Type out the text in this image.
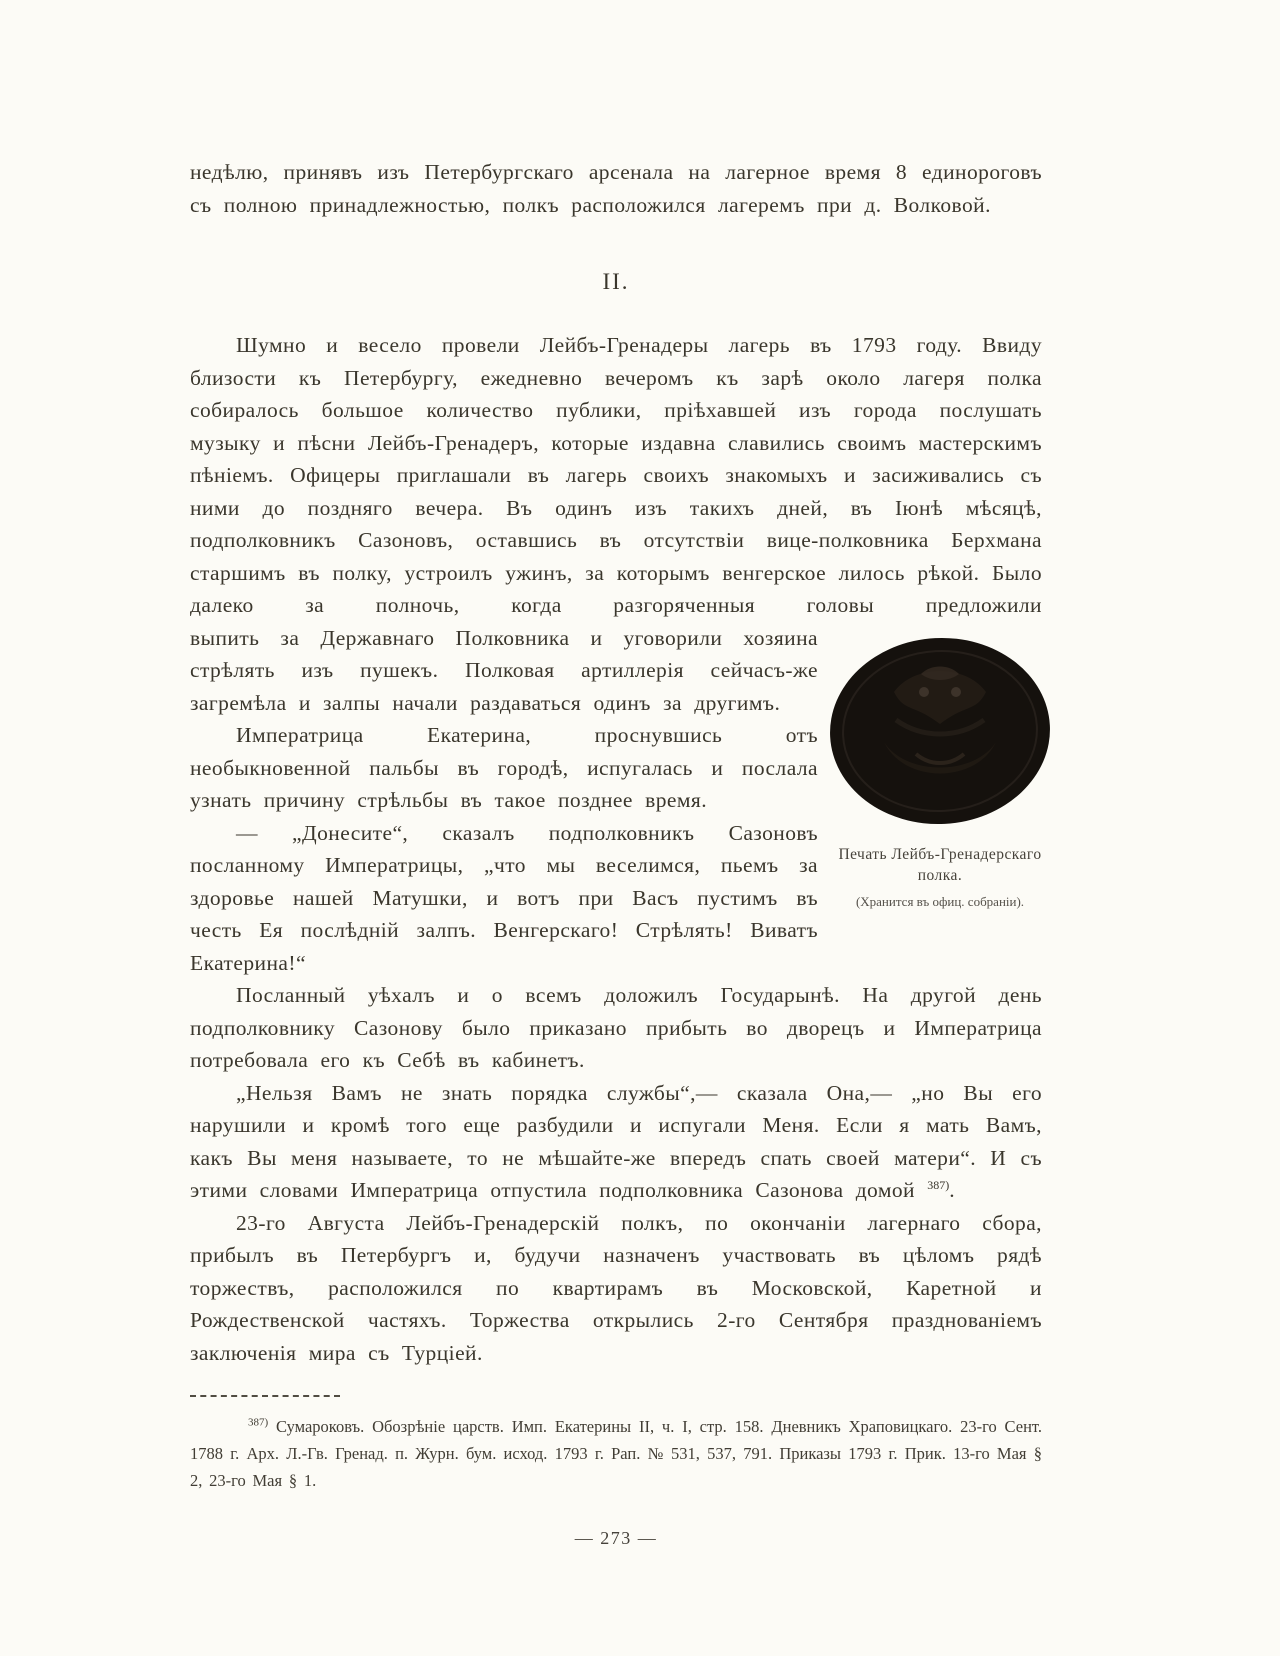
недѣлю, принявъ изъ Петербургскаго арсенала на лагерное время 8 единороговъ съ полною принадлежностью, полкъ расположился лагеремъ при д. Волковой.

II.

Шумно и весело провели Лейбъ-Гренадеры лагерь въ 1793 году. Ввиду близости къ Петербургу, ежедневно вечеромъ къ зарѣ около лагеря полка собиралось большое количество публики, пріѣхавшей изъ города послушать музыку и пѣсни Лейбъ-Гренадеръ, которые издавна славились своимъ мастерскимъ пѣніемъ. Офицеры приглашали въ лагерь своихъ знакомыхъ и засиживались съ ними до поздняго вечера. Въ одинъ изъ такихъ дней, въ Іюнѣ мѣсяцѣ, подполковникъ Сазоновъ, оставшись въ отсутствіи вице-полковника Берхмана старшимъ въ полку, устроилъ ужинъ, за которымъ венгерское лилось рѣкой. Было далеко за полночь, когда разгоряченныя головы предложили

выпить за Державнаго Полковника и уговорили хозяина стрѣлять изъ пушекъ. Полковая артиллерія сейчасъ-же загремѣла и залпы начали раздаваться одинъ за другимъ.

Императрица Екатерина, проснувшись отъ необыкновенной пальбы въ городѣ, испугалась и послала узнать причину стрѣльбы въ такое позднее время.

— „Донесите“, сказалъ подполковникъ Сазоновъ посланному Императрицы, „что мы веселимся, пьемъ за здоровье нашей Матушки, и вотъ при Васъ пустимъ въ честь Ея послѣдній залпъ. Венгерскаго! Стрѣлять! Виватъ Екатерина!“

Печать Лейбъ-Гренадерскаго полка.
(Хранится въ офиц. собраніи).

Посланный уѣхалъ и о всемъ доложилъ Государынѣ. На другой день подполковнику Сазонову было приказано прибыть во дворецъ и Императрица потребовала его къ Себѣ въ кабинетъ.

„Нельзя Вамъ не знать порядка службы“,— сказала Она,— „но Вы его нарушили и кромѣ того еще разбудили и испугали Меня. Если я мать Вамъ, какъ Вы меня называете, то не мѣшайте-же впередъ спать своей матери“. И съ этими словами Императрица отпустила подполковника Сазонова домой $^{387)}$.

23-го Августа Лейбъ-Гренадерскій полкъ, по окончаніи лагернаго сбора, прибылъ въ Петербургъ и, будучи назначенъ участвовать въ цѣломъ рядѣ торжествъ, расположился по квартирамъ въ Московской, Каретной и Рождественской частяхъ. Торжества открылись 2-го Сентября празднованіемъ заключенія мира съ Турціей.

$^{387)}$ Сумароковъ. Обозрѣніе царств. Имп. Екатерины II, ч. I, стр. 158. Дневникъ Храповицкаго. 23-го Сент. 1788 г. Арх. Л.-Гв. Гренад. п. Журн. бум. исход. 1793 г. Рап. № 531, 537, 791. Приказы 1793 г. Прик. 13-го Мая § 2, 23-го Мая § 1.

— 273 —
